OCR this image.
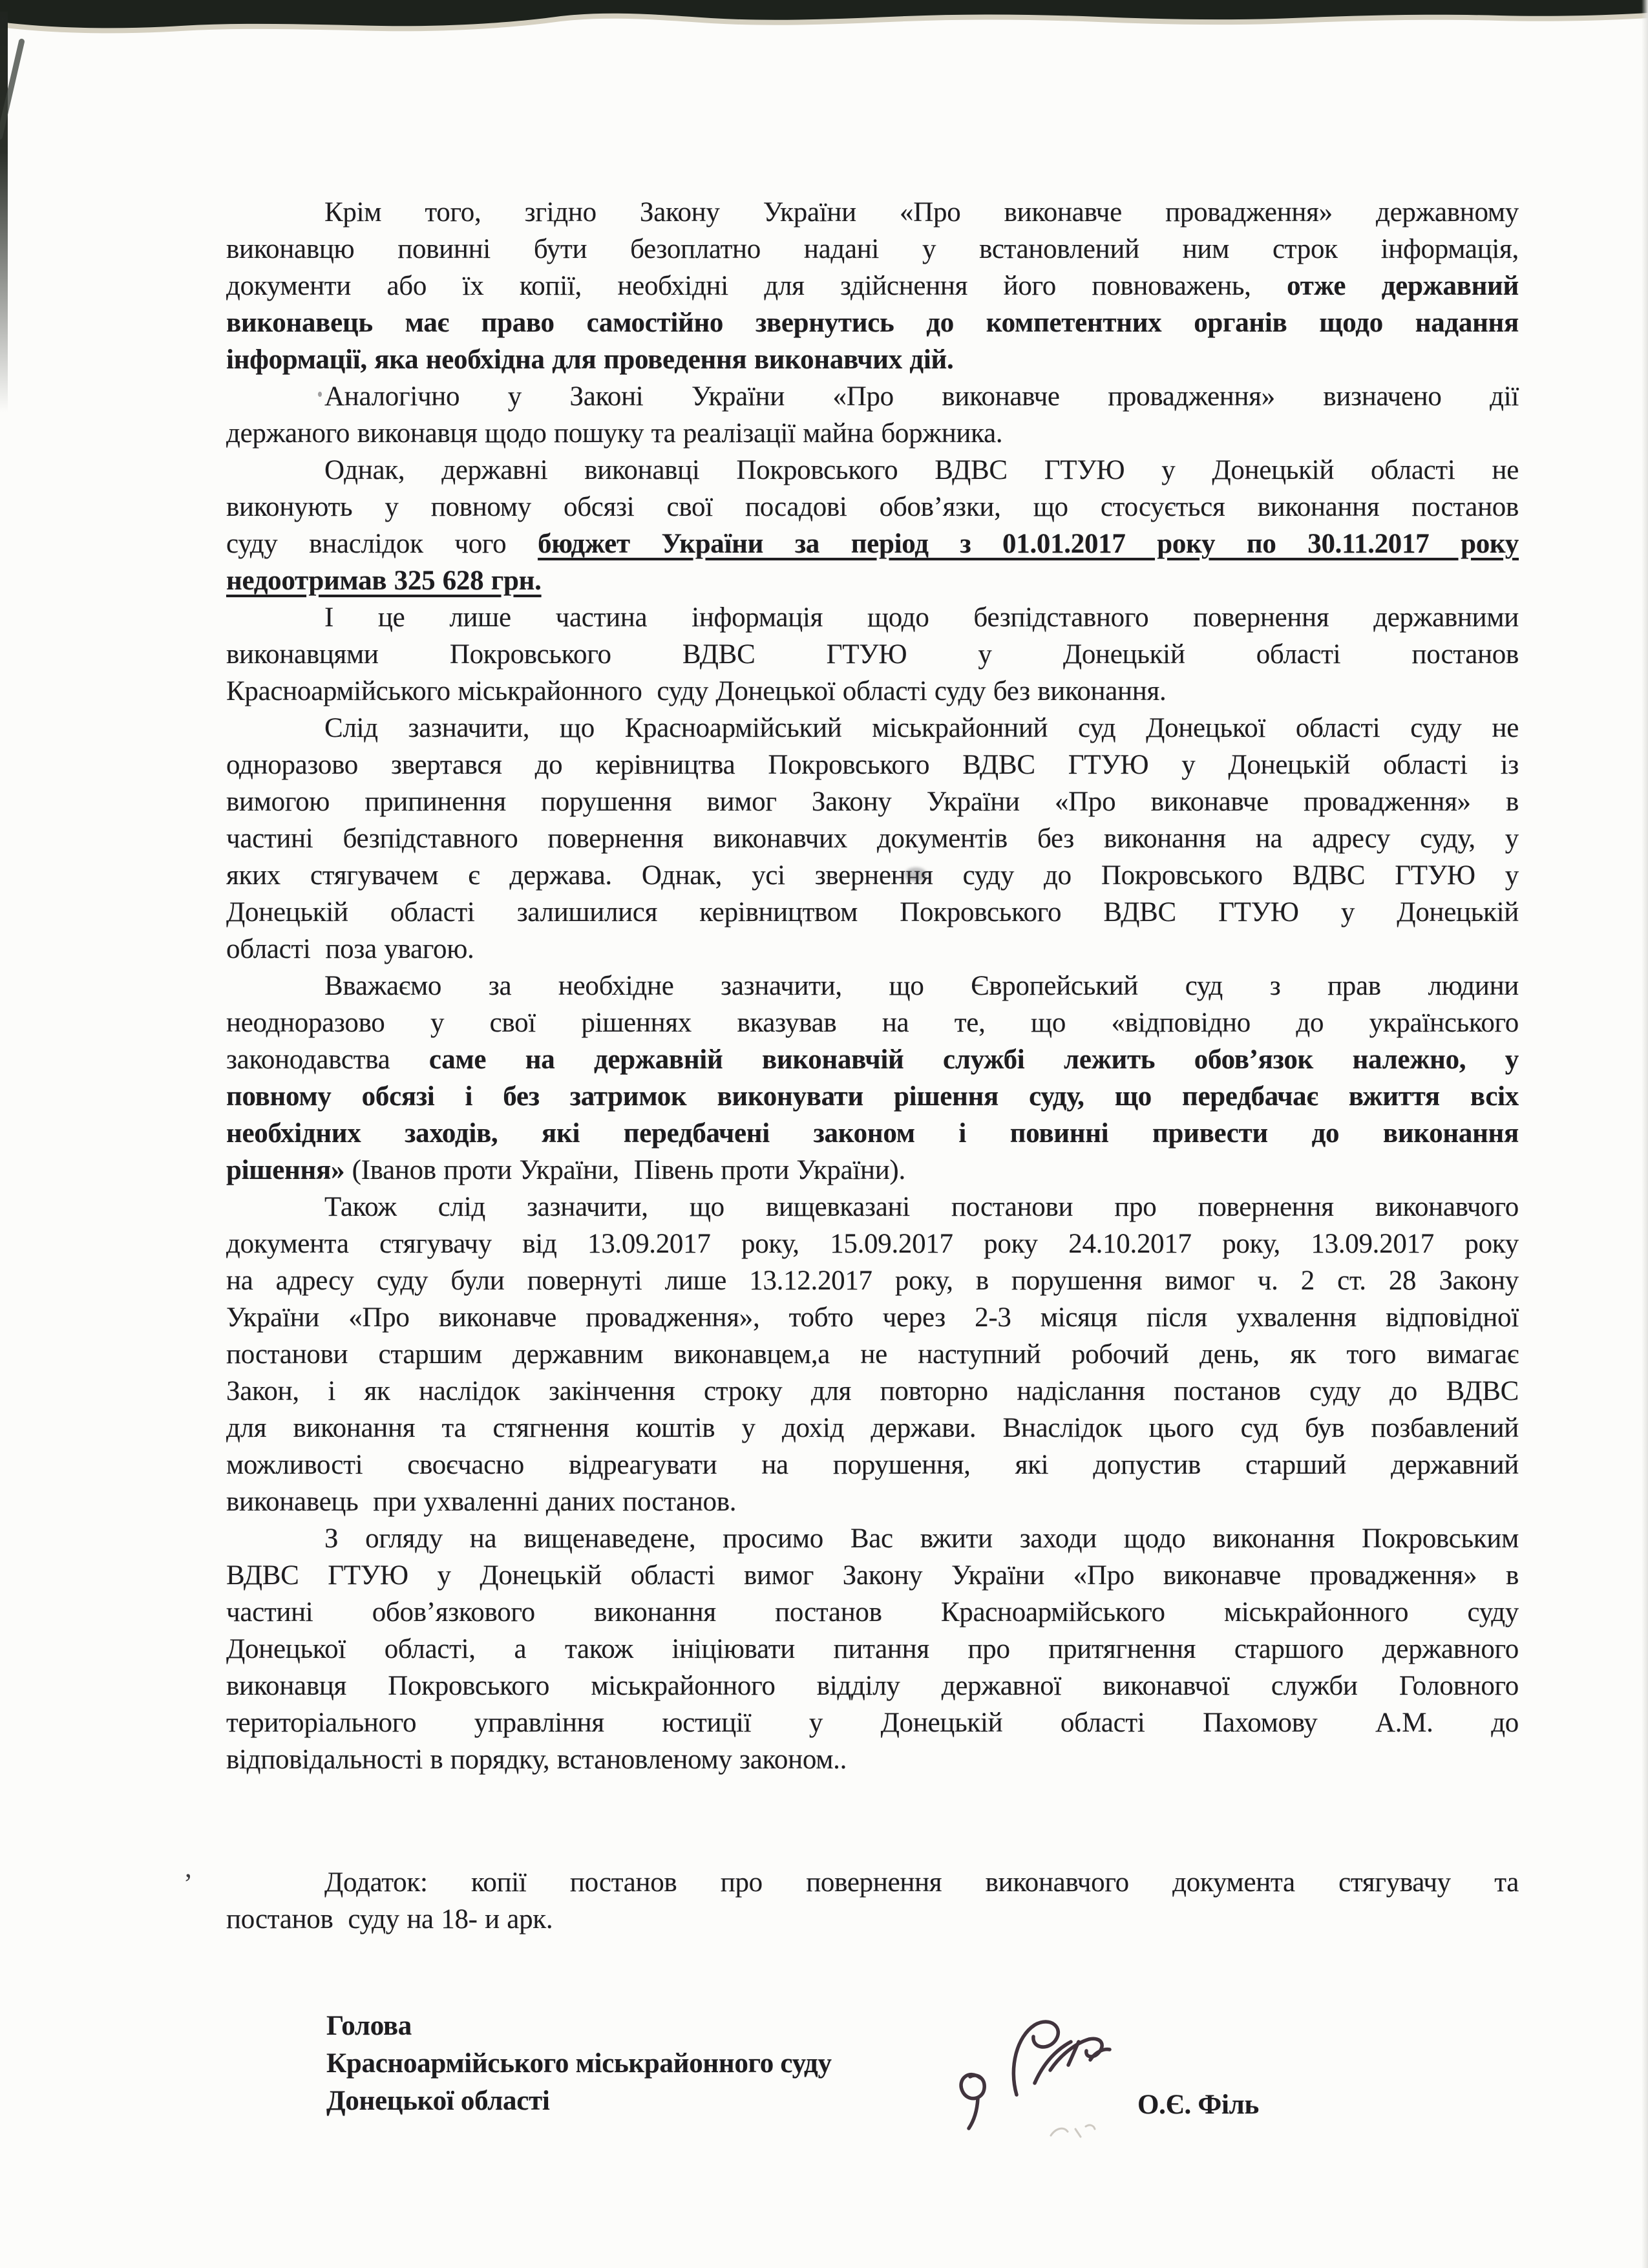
Крім того, згідно Закону України «Про виконавче провадження» державному
виконавцю повинні бути безоплатно надані у встановлений ним строк інформація,
документи або їх копії, необхідні для здійснення його повноважень, отже державний
виконавець має право самостійно звернутись до компетентних органів щодо надання
інформації, яка необхідна для проведення виконавчих дій.
Аналогічно у Законі України «Про виконавче провадження» визначено дії
держаного виконавця щодо пошуку та реалізації майна боржника.
Однак, державні виконавці Покровського ВДВС ГТУЮ у Донецькій області не
виконують у повному обсязі свої посадові обов’язки, що стосується виконання постанов
суду внаслідок чого бюджет України за період з 01.01.2017 року по 30.11.2017 року
недоотримав 325 628 грн.
І це лише частина інформація щодо безпідставного повернення державними
виконавцями Покровського ВДВС ГТУЮ у Донецькій області постанов
Красноармійського міськрайонного  суду Донецької області суду без виконання.
Слід зазначити, що Красноармійський міськрайонний суд Донецької області суду не
одноразово звертався до керівництва Покровського ВДВС ГТУЮ у Донецькій області із
вимогою припинення порушення вимог Закону України «Про виконавче провадження» в
частині безпідставного повернення виконавчих документів без виконання на адресу суду, у
яких стягувачем є держава. Однак, усі звернення суду до Покровського ВДВС ГТУЮ у
Донецькій області залишилися керівництвом Покровського ВДВС ГТУЮ у Донецькій
області  поза увагою.
Вважаємо за необхідне зазначити, що Європейський суд з прав людини
неодноразово у свої рішеннях вказував на те, що «відповідно до українського
законодавства саме на державній виконавчій службі лежить обов’язок належно, у
повному обсязі і без затримок виконувати рішення суду, що передбачає вжиття всіх
необхідних заходів, які передбачені законом і повинні привести до виконання
рішення» (Іванов проти України,  Півень проти України).
Також слід зазначити, що вищевказані постанови про повернення виконавчого
документа стягувачу від 13.09.2017 року, 15.09.2017 року 24.10.2017 року, 13.09.2017 року
на адресу суду були повернуті лише 13.12.2017 року, в порушення вимог ч. 2 ст. 28 Закону
України «Про виконавче провадження», тобто через 2-3 місяця після ухвалення відповідної
постанови старшим державним виконавцем,а не наступний робочий день, як того вимагає
Закон, і як наслідок закінчення строку для повторно надіслання постанов суду до ВДВС
для виконання та стягнення коштів у дохід держави. Внаслідок цього суд був позбавлений
можливості своєчасно відреагувати на порушення, які допустив старший державний
виконавець  при ухваленні даних постанов.
З огляду на вищенаведене, просимо Вас вжити заходи щодо виконання Покровським
ВДВС ГТУЮ у Донецькій області вимог Закону України «Про виконавче провадження» в
частині обов’язкового виконання постанов Красноармійського міськрайонного суду
Донецької області, а також ініціювати питання про притягнення старшого державного
виконавця Покровського міськрайонного відділу державної виконавчої служби Головного
територіального управління юстиції у Донецькій області Пахомову А.М. до
відповідальності в порядку, встановленому законом..
Додаток: копії постанов про повернення виконавчого документа стягувачу та
постанов  суду на 18- и арк.
,
Голова
Красноармійського міськрайонного суду
Донецької області	О.Є. Філь
